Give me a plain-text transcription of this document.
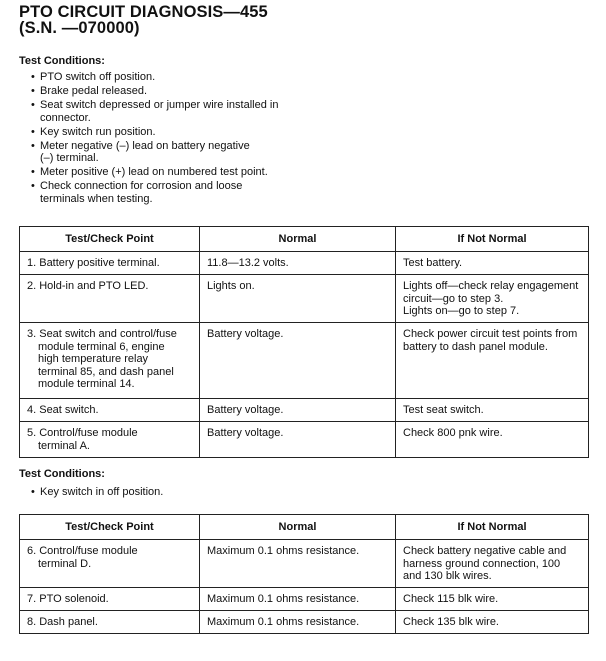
PTO CIRCUIT DIAGNOSIS—455
(S.N. —070000)
Test Conditions:
• PTO switch off position.
• Brake pedal released.
• Seat switch depressed or jumper wire installed in
connector.
• Key switch run position.
• Meter negative (–) lead on battery negative
(–) terminal.
• Meter positive (+) lead on numbered test point.
• Check connection for corrosion and loose
terminals when testing.
Test/Check Point	Normal	If Not Normal

1. Battery positive terminal.	11.8—13.2 volts.	Test battery.

2. Hold-in and PTO LED.	Lights on.	Lights off—check relay engagement
circuit—go to step 3.
Lights on—go to step 7.

3. Seat switch and control/fuse
module terminal 6, engine
high temperature relay
terminal 85, and dash panel
module terminal 14.	Battery voltage.	Check power circuit test points from
battery to dash panel module.

4. Seat switch.	Battery voltage.	Test seat switch.

5. Control/fuse module
terminal A.	Battery voltage.	Check 800 pnk wire.
Test Conditions:
• Key switch in off position.
Test/Check Point	Normal	If Not Normal

6. Control/fuse module
terminal D.	Maximum 0.1 ohms resistance.	Check battery negative cable and
harness ground connection, 100
and 130 blk wires.

7. PTO solenoid.	Maximum 0.1 ohms resistance.	Check 115 blk wire.

8. Dash panel.	Maximum 0.1 ohms resistance.	Check 135 blk wire.
